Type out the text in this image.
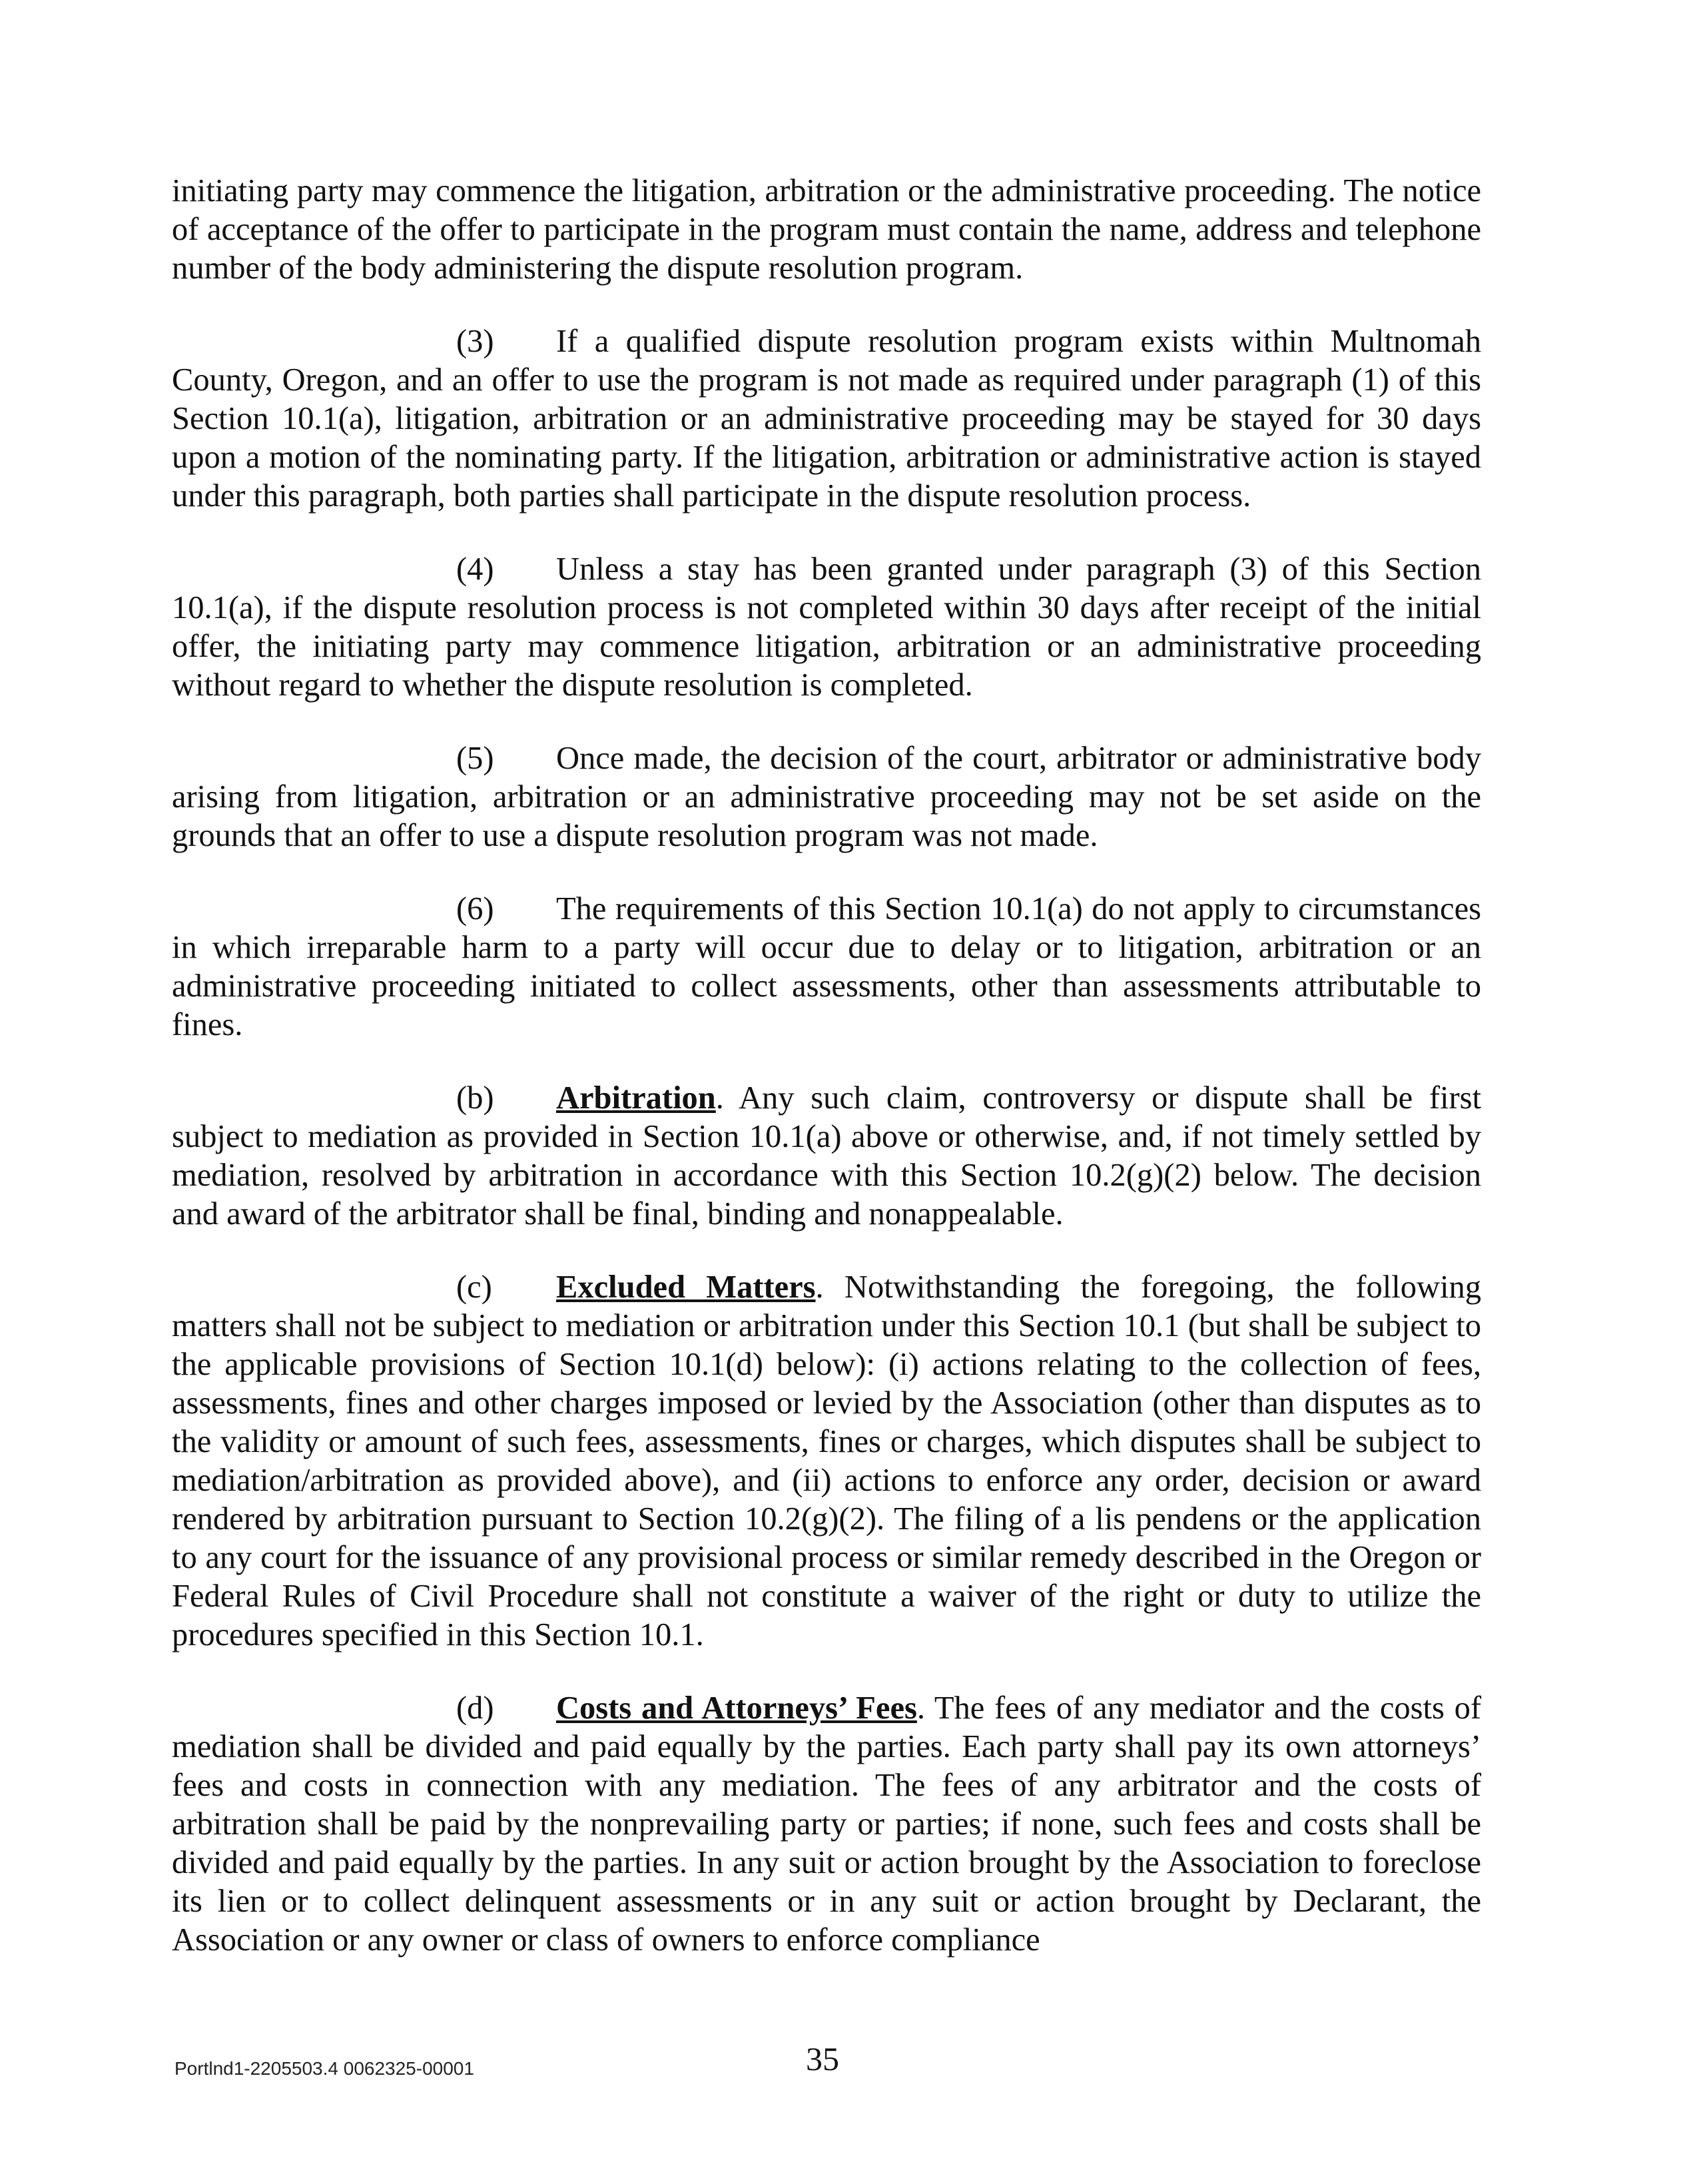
initiating party may commence the litigation, arbitration or the administrative proceeding. The notice of acceptance of the offer to participate in the program must contain the name, address and telephone number of the body administering the dispute resolution program.

(3) If a qualified dispute resolution program exists within Multnomah County, Oregon, and an offer to use the program is not made as required under paragraph (1) of this Section 10.1(a), litigation, arbitration or an administrative proceeding may be stayed for 30 days upon a motion of the nominating party. If the litigation, arbitration or administrative action is stayed under this paragraph, both parties shall participate in the dispute resolution process.

(4) Unless a stay has been granted under paragraph (3) of this Section 10.1(a), if the dispute resolution process is not completed within 30 days after receipt of the initial offer, the initiating party may commence litigation, arbitration or an administrative proceeding without regard to whether the dispute resolution is completed.

(5) Once made, the decision of the court, arbitrator or administrative body arising from litigation, arbitration or an administrative proceeding may not be set aside on the grounds that an offer to use a dispute resolution program was not made.

(6) The requirements of this Section 10.1(a) do not apply to circumstances in which irreparable harm to a party will occur due to delay or to litigation, arbitration or an administrative proceeding initiated to collect assessments, other than assessments attributable to fines.

(b) Arbitration. Any such claim, controversy or dispute shall be first subject to mediation as provided in Section 10.1(a) above or otherwise, and, if not timely settled by mediation, resolved by arbitration in accordance with this Section 10.2(g)(2) below. The decision and award of the arbitrator shall be final, binding and nonappealable.

(c) Excluded Matters. Notwithstanding the foregoing, the following matters shall not be subject to mediation or arbitration under this Section 10.1 (but shall be subject to the applicable provisions of Section 10.1(d) below): (i) actions relating to the collection of fees, assessments, fines and other charges imposed or levied by the Association (other than disputes as to the validity or amount of such fees, assessments, fines or charges, which disputes shall be subject to mediation/arbitration as provided above), and (ii) actions to enforce any order, decision or award rendered by arbitration pursuant to Section 10.2(g)(2). The filing of a lis pendens or the application to any court for the issuance of any provisional process or similar remedy described in the Oregon or Federal Rules of Civil Procedure shall not constitute a waiver of the right or duty to utilize the procedures specified in this Section 10.1.

(d) Costs and Attorneys’ Fees. The fees of any mediator and the costs of mediation shall be divided and paid equally by the parties. Each party shall pay its own attorneys’ fees and costs in connection with any mediation. The fees of any arbitrator and the costs of arbitration shall be paid by the nonprevailing party or parties; if none, such fees and costs shall be divided and paid equally by the parties. In any suit or action brought by the Association to foreclose its lien or to collect delinquent assessments or in any suit or action brought by Declarant, the Association or any owner or class of owners to enforce compliance

Portlnd1-2205503.4 0062325-00001	35
